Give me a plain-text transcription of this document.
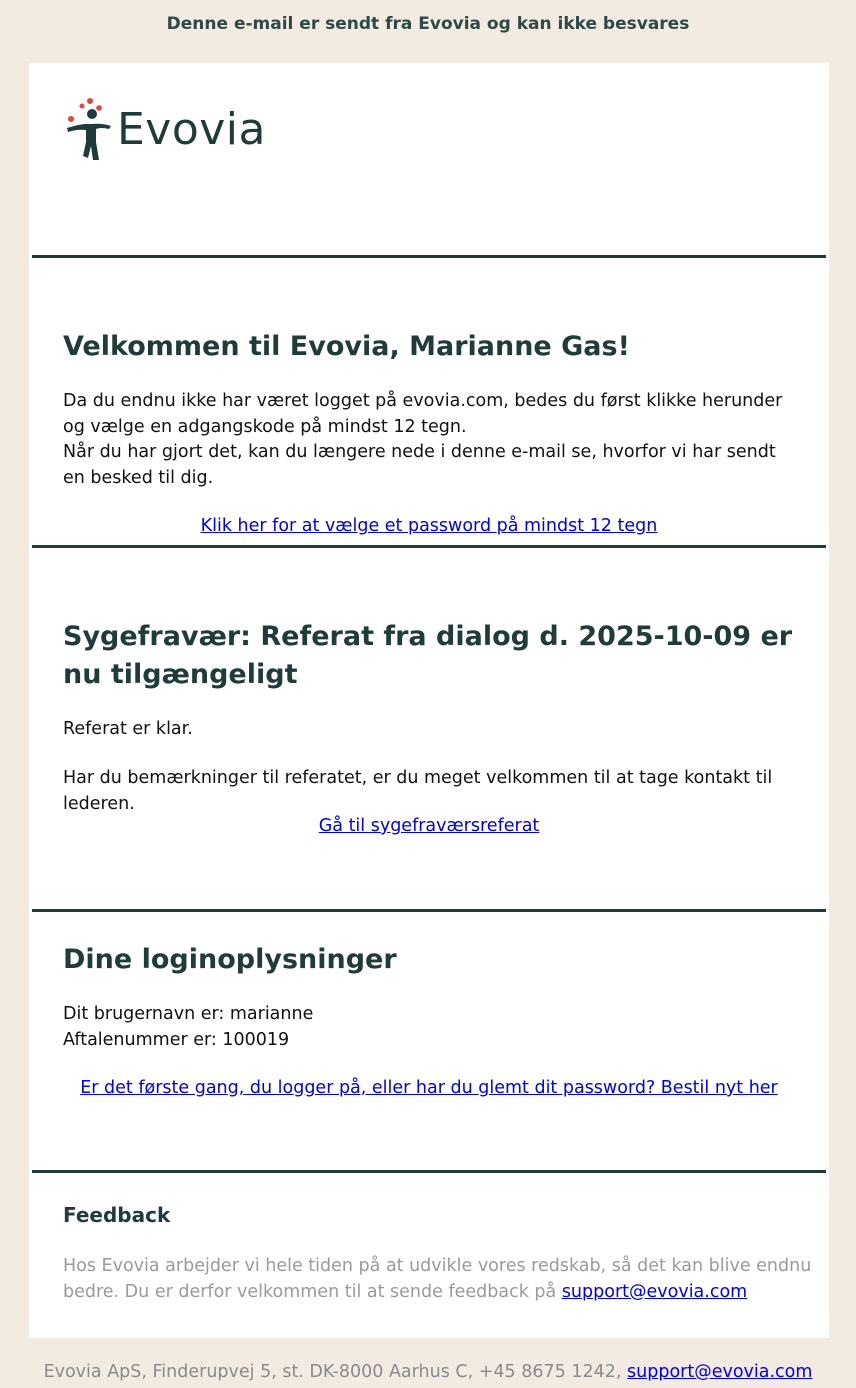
Denne e-mail er sendt fra Evovia og kan ikke besvares
Evovia
Velkommen til Evovia, Marianne Gas!
Da du endnu ikke har været logget på evovia.com, bedes du først klikke herunder og vælge en adgangskode på mindst 12 tegn.
Når du har gjort det, kan du længere nede i denne e-mail se, hvorfor vi har sendt en besked til dig.
Klik her for at vælge et password på mindst 12 tegn
Sygefravær: Referat fra dialog d. 2025-10-09 er nu tilgængeligt
Referat er klar.
Har du bemærkninger til referatet, er du meget velkommen til at tage kontakt til lederen.
Gå til sygefraværsreferat
Dine loginoplysninger
Dit brugernavn er: marianne
Aftalenummer er: 100019
Er det første gang, du logger på, eller har du glemt dit password? Bestil nyt her
Feedback
Hos Evovia arbejder vi hele tiden på at udvikle vores redskab, så det kan blive endnu bedre. Du er derfor velkommen til at sende feedback på support@evovia.com
Evovia ApS, Finderupvej 5, st. DK-8000 Aarhus C, +45 8675 1242, support@evovia.com
